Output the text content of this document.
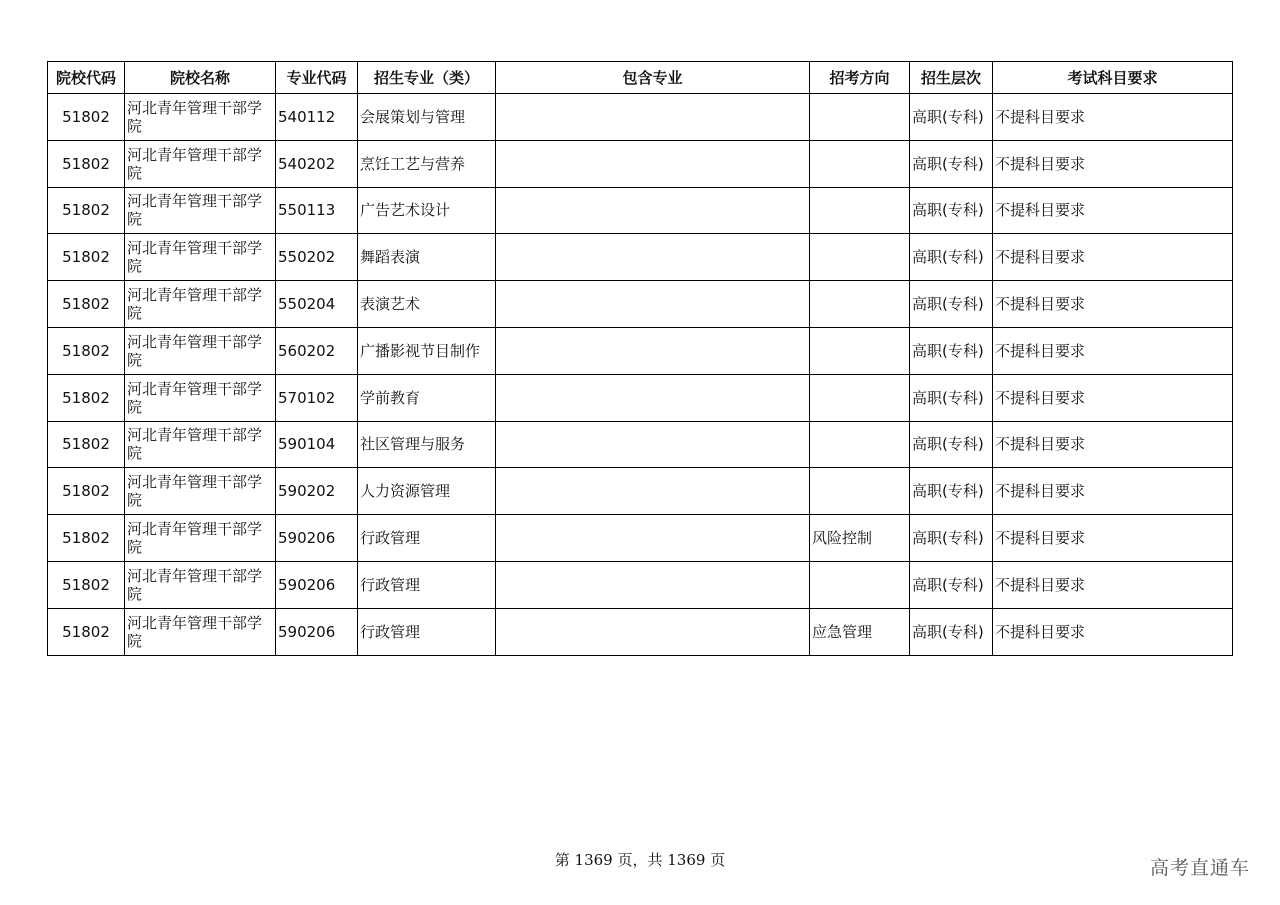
院校代码	院校名称	专业代码	招生专业（类）	包含专业	招考方向	招生层次	考试科目要求
51802	河北青年管理干部学院	540112	会展策划与管理			高职(专科)	不提科目要求
51802	河北青年管理干部学院	540202	烹饪工艺与营养			高职(专科)	不提科目要求
51802	河北青年管理干部学院	550113	广告艺术设计			高职(专科)	不提科目要求
51802	河北青年管理干部学院	550202	舞蹈表演			高职(专科)	不提科目要求
51802	河北青年管理干部学院	550204	表演艺术			高职(专科)	不提科目要求
51802	河北青年管理干部学院	560202	广播影视节目制作			高职(专科)	不提科目要求
51802	河北青年管理干部学院	570102	学前教育			高职(专科)	不提科目要求
51802	河北青年管理干部学院	590104	社区管理与服务			高职(专科)	不提科目要求
51802	河北青年管理干部学院	590202	人力资源管理			高职(专科)	不提科目要求
51802	河北青年管理干部学院	590206	行政管理		风险控制	高职(专科)	不提科目要求
51802	河北青年管理干部学院	590206	行政管理			高职(专科)	不提科目要求
51802	河北青年管理干部学院	590206	行政管理		应急管理	高职(专科)	不提科目要求
第 1369 页，共 1369 页	高考直通车
